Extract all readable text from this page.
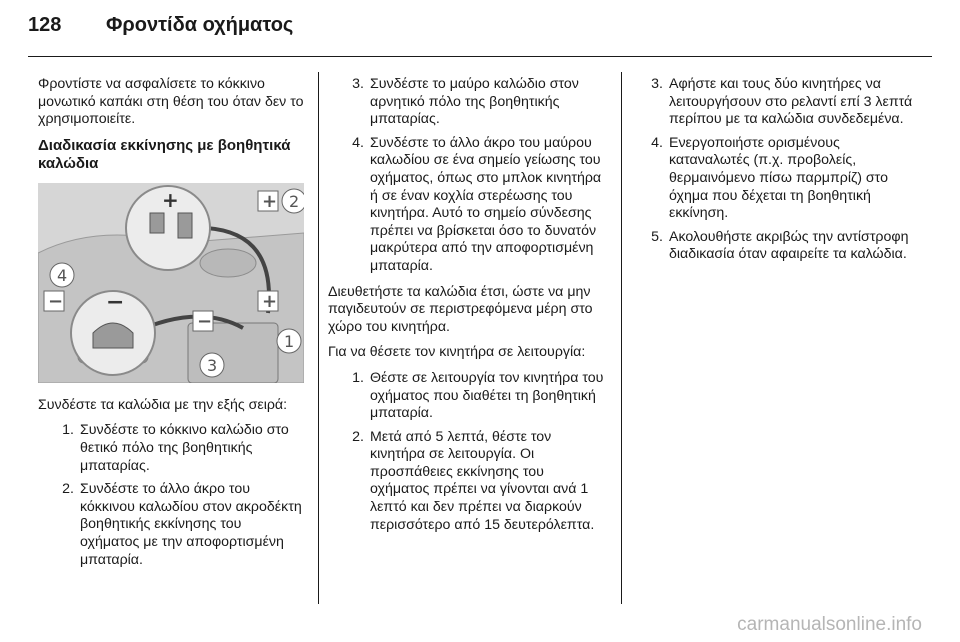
128	Φροντίδα οχήματος

Φροντίστε να ασφαλίσετε το κόκκινο μονωτικό καπάκι στη θέση του όταν δεν το χρησιμοποιείτε.

Διαδικασία εκκίνησης με βοηθητικά καλώδια
+	+ 2
4
− −
−
+
1
3

Συνδέστε τα καλώδια με την εξής σειρά:

1. Συνδέστε το κόκκινο καλώδιο στο θετικό πόλο της βοηθητικής μπαταρίας.
2. Συνδέστε το άλλο άκρο του κόκκινου καλωδίου στον ακροδέκτη βοηθητικής εκκίνησης του οχήματος με την αποφορτισμένη μπαταρία.
3. Συνδέστε το μαύρο καλώδιο στον αρνητικό πόλο της βοηθητικής μπαταρίας.
4. Συνδέστε το άλλο άκρο του μαύρου καλωδίου σε ένα σημείο γείωσης του οχήματος, όπως στο μπλοκ κινητήρα ή σε έναν κοχλία στερέωσης του κινητήρα. Αυτό το σημείο σύνδεσης πρέπει να βρίσκεται όσο το δυνατόν μακρύτερα από την αποφορτισμένη μπαταρία.

Διευθετήστε τα καλώδια έτσι, ώστε να μην παγιδευτούν σε περιστρεφόμενα μέρη στο χώρο του κινητήρα.

Για να θέσετε τον κινητήρα σε λειτουργία:

1. Θέστε σε λειτουργία τον κινητήρα του οχήματος που διαθέτει τη βοηθητική μπαταρία.
2. Μετά από 5 λεπτά, θέστε τον κινητήρα σε λειτουργία. Οι προσπάθειες εκκίνησης του οχήματος πρέπει να γίνονται ανά 1 λεπτό και δεν πρέπει να διαρκούν περισσότερο από 15 δευτερόλεπτα.
3. Αφήστε και τους δύο κινητήρες να λειτουργήσουν στο ρελαντί επί 3 λεπτά περίπου με τα καλώδια συνδεδεμένα.
4. Ενεργοποιήστε ορισμένους καταναλωτές (π.χ. προβολείς, θερμαινόμενο πίσω παρμπρίζ) στο όχημα που δέχεται τη βοηθητική εκκίνηση.
5. Ακολουθήστε ακριβώς την αντίστροφη διαδικασία όταν αφαιρείτε τα καλώδια.
carmanualsonline.info
